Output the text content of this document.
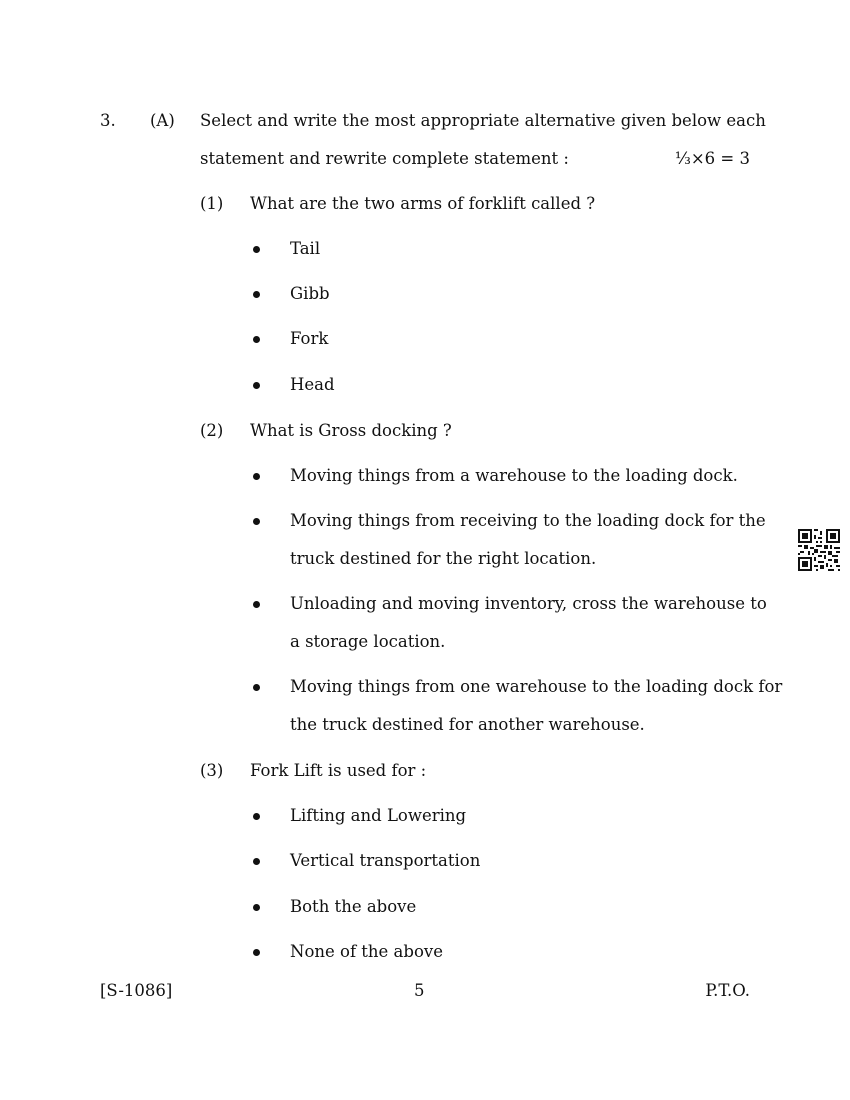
3. (A) Select and write the most appropriate alternative given below each
statement and rewrite complete statement :	⅓×6 = 3
(1) What are the two arms of forklift called ?
Tail
Gibb
Fork
Head
(2) What is Gross docking ?
Moving things from a warehouse to the loading dock.
Moving things from receiving to the loading dock for the
truck destined for the right location.
Unloading and moving inventory, cross the warehouse to
a storage location.
Moving things from one warehouse to the loading dock for
the truck destined for another warehouse.
(3) Fork Lift is used for :
Lifting and Lowering
Vertical transportation
Both the above
None of the above
[S-1086]	5	P.T.O.
